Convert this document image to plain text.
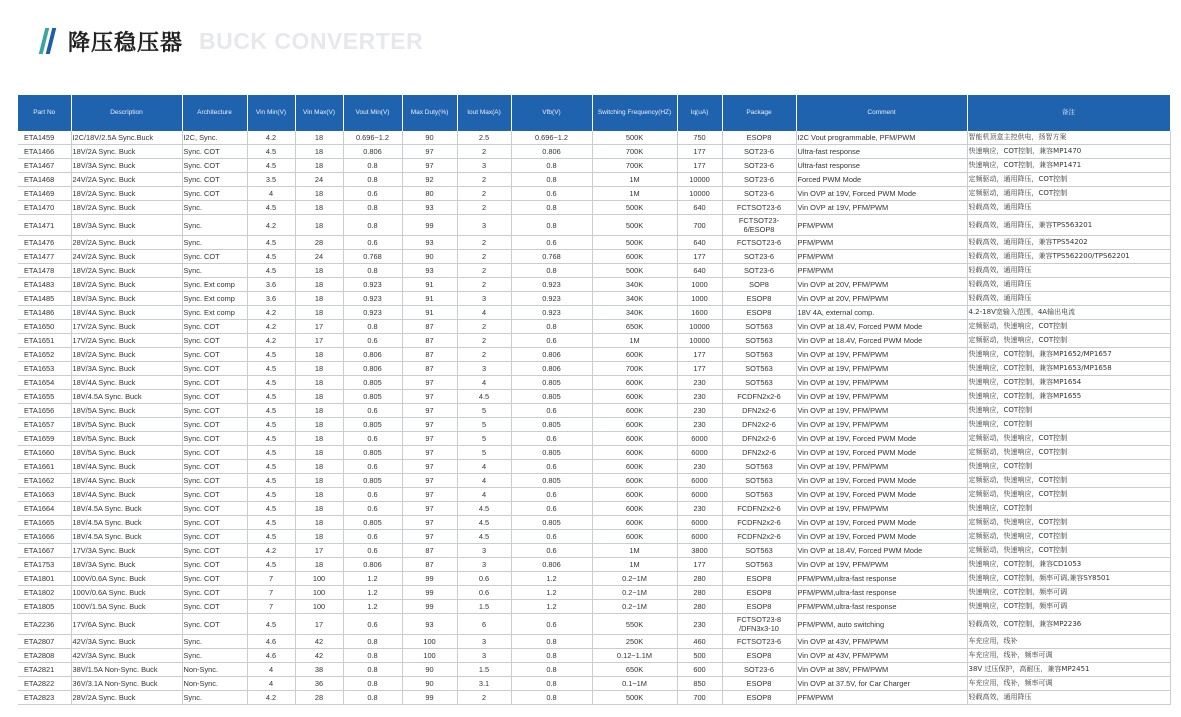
降压稳压器 BUCK CONVERTER
Part No	Description	Architecture	Vin Min(V)	Vin Max(V)	Vout Min(V)	Max Duty(%)	Iout Max(A)	Vfb(V)	Switching Frequency(HZ)	Iq(uA)	Package	Comment	备注
ETA1459	I2C/18V/2.5A Sync.Buck	I2C, Sync.	4.2	18	0.696~1.2	90	2.5	0.696~1.2	500K	750	ESOP8	I2C Vout programmable, PFM/PWM	智能机顶盒主控供电，扬智方案
ETA1466	18V/2A Sync. Buck	Sync. COT	4.5	18	0.806	97	2	0.806	700K	177	SOT23-6	Ultra-fast response	快速响应，COT控制，兼容MP1470
ETA1467	18V/3A Sync. Buck	Sync. COT	4.5	18	0.8	97	3	0.8	700K	177	SOT23-6	Ultra-fast response	快速响应，COT控制，兼容MP1471
ETA1468	24V/2A Sync. Buck	Sync. COT	3.5	24	0.8	92	2	0.8	1M	10000	SOT23-6	Forced PWM Mode	定频驱动，通用降压，COT控制
ETA1469	18V/2A Sync. Buck	Sync. COT	4	18	0.6	80	2	0.6	1M	10000	SOT23-6	Vin OVP at 19V, Forced PWM Mode	定频驱动，通用降压，COT控制
ETA1470	18V/2A Sync. Buck	Sync.	4.5	18	0.8	93	2	0.8	500K	640	FCTSOT23-6	Vin OVP at 19V, PFM/PWM	轻载高效，通用降压
ETA1471	18V/3A Sync. Buck	Sync.	4.2	18	0.8	99	3	0.8	500K	700	FCTSOT23-6/ESOP8	PFM/PWM	轻载高效，通用降压，兼容TPS563201
ETA1476	28V/2A Sync. Buck	Sync.	4.5	28	0.6	93	2	0.6	500K	640	FCTSOT23-6	PFM/PWM	轻载高效，通用降压，兼容TPS54202
ETA1477	24V/2A Sync. Buck	Sync. COT	4.5	24	0.768	90	2	0.768	600K	177	SOT23-6	PFM/PWM	轻载高效，通用降压，兼容TPS562200/TPS62201
ETA1478	18V/2A Sync. Buck	Sync.	4.5	18	0.8	93	2	0.8	500K	640	SOT23-6	PFM/PWM	轻载高效，通用降压
ETA1483	18V/2A Sync. Buck	Sync. Ext comp	3.6	18	0.923	91	2	0.923	340K	1000	SOP8	Vin OVP at 20V, PFM/PWM	轻载高效，通用降压
ETA1485	18V/3A Sync. Buck	Sync. Ext comp	3.6	18	0.923	91	3	0.923	340K	1000	ESOP8	Vin OVP at 20V, PFM/PWM	轻载高效，通用降压
ETA1486	18V/4A Sync. Buck	Sync. Ext comp	4.2	18	0.923	91	4	0.923	340K	1600	ESOP8	18V 4A, external comp.	4.2-18V宽输入范围，4A输出电流
ETA1650	17V/2A Sync. Buck	Sync. COT	4.2	17	0.8	87	2	0.8	650K	10000	SOT563	Vin OVP at 18.4V, Forced PWM Mode	定频驱动，快速响应，COT控制
ETA1651	17V/2A Sync. Buck	Sync. COT	4.2	17	0.6	87	2	0.6	1M	10000	SOT563	Vin OVP at 18.4V, Forced PWM Mode	定频驱动，快速响应，COT控制
ETA1652	18V/2A Sync. Buck	Sync. COT	4.5	18	0.806	87	2	0.806	600K	177	SOT563	Vin OVP at 19V, PFM/PWM	快速响应，COT控制，兼容MP1652/MP1657
ETA1653	18V/3A Sync. Buck	Sync. COT	4.5	18	0.806	87	3	0.806	700K	177	SOT563	Vin OVP at 19V, PFM/PWM	快速响应，COT控制，兼容MP1653/MP1658
ETA1654	18V/4A Sync. Buck	Sync. COT	4.5	18	0.805	97	4	0.805	600K	230	SOT563	Vin OVP at 19V, PFM/PWM	快速响应，COT控制，兼容MP1654
ETA1655	18V/4.5A Sync. Buck	Sync. COT	4.5	18	0.805	97	4.5	0.805	600K	230	FCDFN2x2-6	Vin OVP at 19V, PFM/PWM	快速响应，COT控制，兼容MP1655
ETA1656	18V/5A Sync. Buck	Sync. COT	4.5	18	0.6	97	5	0.6	600K	230	DFN2x2-6	Vin OVP at 19V, PFM/PWM	快速响应，COT控制
ETA1657	18V/5A Sync. Buck	Sync. COT	4.5	18	0.805	97	5	0.805	600K	230	DFN2x2-6	Vin OVP at 19V, PFM/PWM	快速响应，COT控制
ETA1659	18V/5A Sync. Buck	Sync. COT	4.5	18	0.6	97	5	0.6	600K	6000	DFN2x2-6	Vin OVP at 19V, Forced PWM Mode	定频驱动，快速响应，COT控制
ETA1660	18V/5A Sync. Buck	Sync. COT	4.5	18	0.805	97	5	0.805	600K	6000	DFN2x2-6	Vin OVP at 19V, Forced PWM Mode	定频驱动，快速响应，COT控制
ETA1661	18V/4A Sync. Buck	Sync. COT	4.5	18	0.6	97	4	0.6	600K	230	SOT563	Vin OVP at 19V, PFM/PWM	快速响应，COT控制
ETA1662	18V/4A Sync. Buck	Sync. COT	4.5	18	0.805	97	4	0.805	600K	6000	SOT563	Vin OVP at 19V, Forced PWM Mode	定频驱动，快速响应，COT控制
ETA1663	18V/4A Sync. Buck	Sync. COT	4.5	18	0.6	97	4	0.6	600K	6000	SOT563	Vin OVP at 19V, Forced PWM Mode	定频驱动，快速响应，COT控制
ETA1664	18V/4.5A Sync. Buck	Sync. COT	4.5	18	0.6	97	4.5	0.6	600K	230	FCDFN2x2-6	Vin OVP at 19V, PFM/PWM	快速响应，COT控制
ETA1665	18V/4.5A Sync. Buck	Sync. COT	4.5	18	0.805	97	4.5	0.805	600K	6000	FCDFN2x2-6	Vin OVP at 19V, Forced PWM Mode	定频驱动，快速响应，COT控制
ETA1666	18V/4.5A Sync. Buck	Sync. COT	4.5	18	0.6	97	4.5	0.6	600K	6000	FCDFN2x2-6	Vin OVP at 19V, Forced PWM Mode	定频驱动，快速响应，COT控制
ETA1667	17V/3A Sync. Buck	Sync. COT	4.2	17	0.6	87	3	0.6	1M	3800	SOT563	Vin OVP at 18.4V, Forced PWM Mode	定频驱动，快速响应，COT控制
ETA1753	18V/3A Sync. Buck	Sync. COT	4.5	18	0.806	87	3	0.806	1M	177	SOT563	Vin OVP at 19V, PFM/PWM	快速响应，COT控制，兼容CD1053
ETA1801	100V/0.6A Sync. Buck	Sync. COT	7	100	1.2	99	0.6	1.2	0.2~1M	280	ESOP8	PFM/PWM,ultra-fast response	快速响应，COT控制，频率可调,兼容SY8501
ETA1802	100V/0.6A Sync. Buck	Sync. COT	7	100	1.2	99	0.6	1.2	0.2~1M	280	ESOP8	PFM/PWM,ultra-fast response	快速响应，COT控制，频率可调
ETA1805	100V/1.5A Sync. Buck	Sync. COT	7	100	1.2	99	1.5	1.2	0.2~1M	280	ESOP8	PFM/PWM,ultra-fast response	快速响应，COT控制，频率可调
ETA2236	17V/6A Sync. Buck	Sync. COT	4.5	17	0.6	93	6	0.6	550K	230	FCTSOT23-8 /DFN3x3-10	PFM/PWM, auto switching	轻载高效，COT控制，兼容MP2236
ETA2807	42V/3A Sync. Buck	Sync.	4.6	42	0.8	100	3	0.8	250K	460	FCTSOT23-6	Vin OVP at 43V, PFM/PWM	车充应用，线补
ETA2808	42V/3A Sync. Buck	Sync.	4.6	42	0.8	100	3	0.8	0.12~1.1M	500	ESOP8	Vin OVP at 43V, PFM/PWM	车充应用，线补，频率可调
ETA2821	38V/1.5A Non-Sync. Buck	Non-Sync.	4	38	0.8	90	1.5	0.8	650K	600	SOT23-6	Vin OVP at 38V, PFM/PWM	38V 过压保护，高耐压，兼容MP2451
ETA2822	36V/3.1A Non-Sync. Buck	Non-Sync.	4	36	0.8	90	3.1	0.8	0.1~1M	850	ESOP8	Vin OVP at 37.5V, for Car Charger	车充应用，线补，频率可调
ETA2823	28V/2A Sync. Buck	Sync.	4.2	28	0.8	99	2	0.8	500K	700	ESOP8	PFM/PWM	轻载高效，通用降压
